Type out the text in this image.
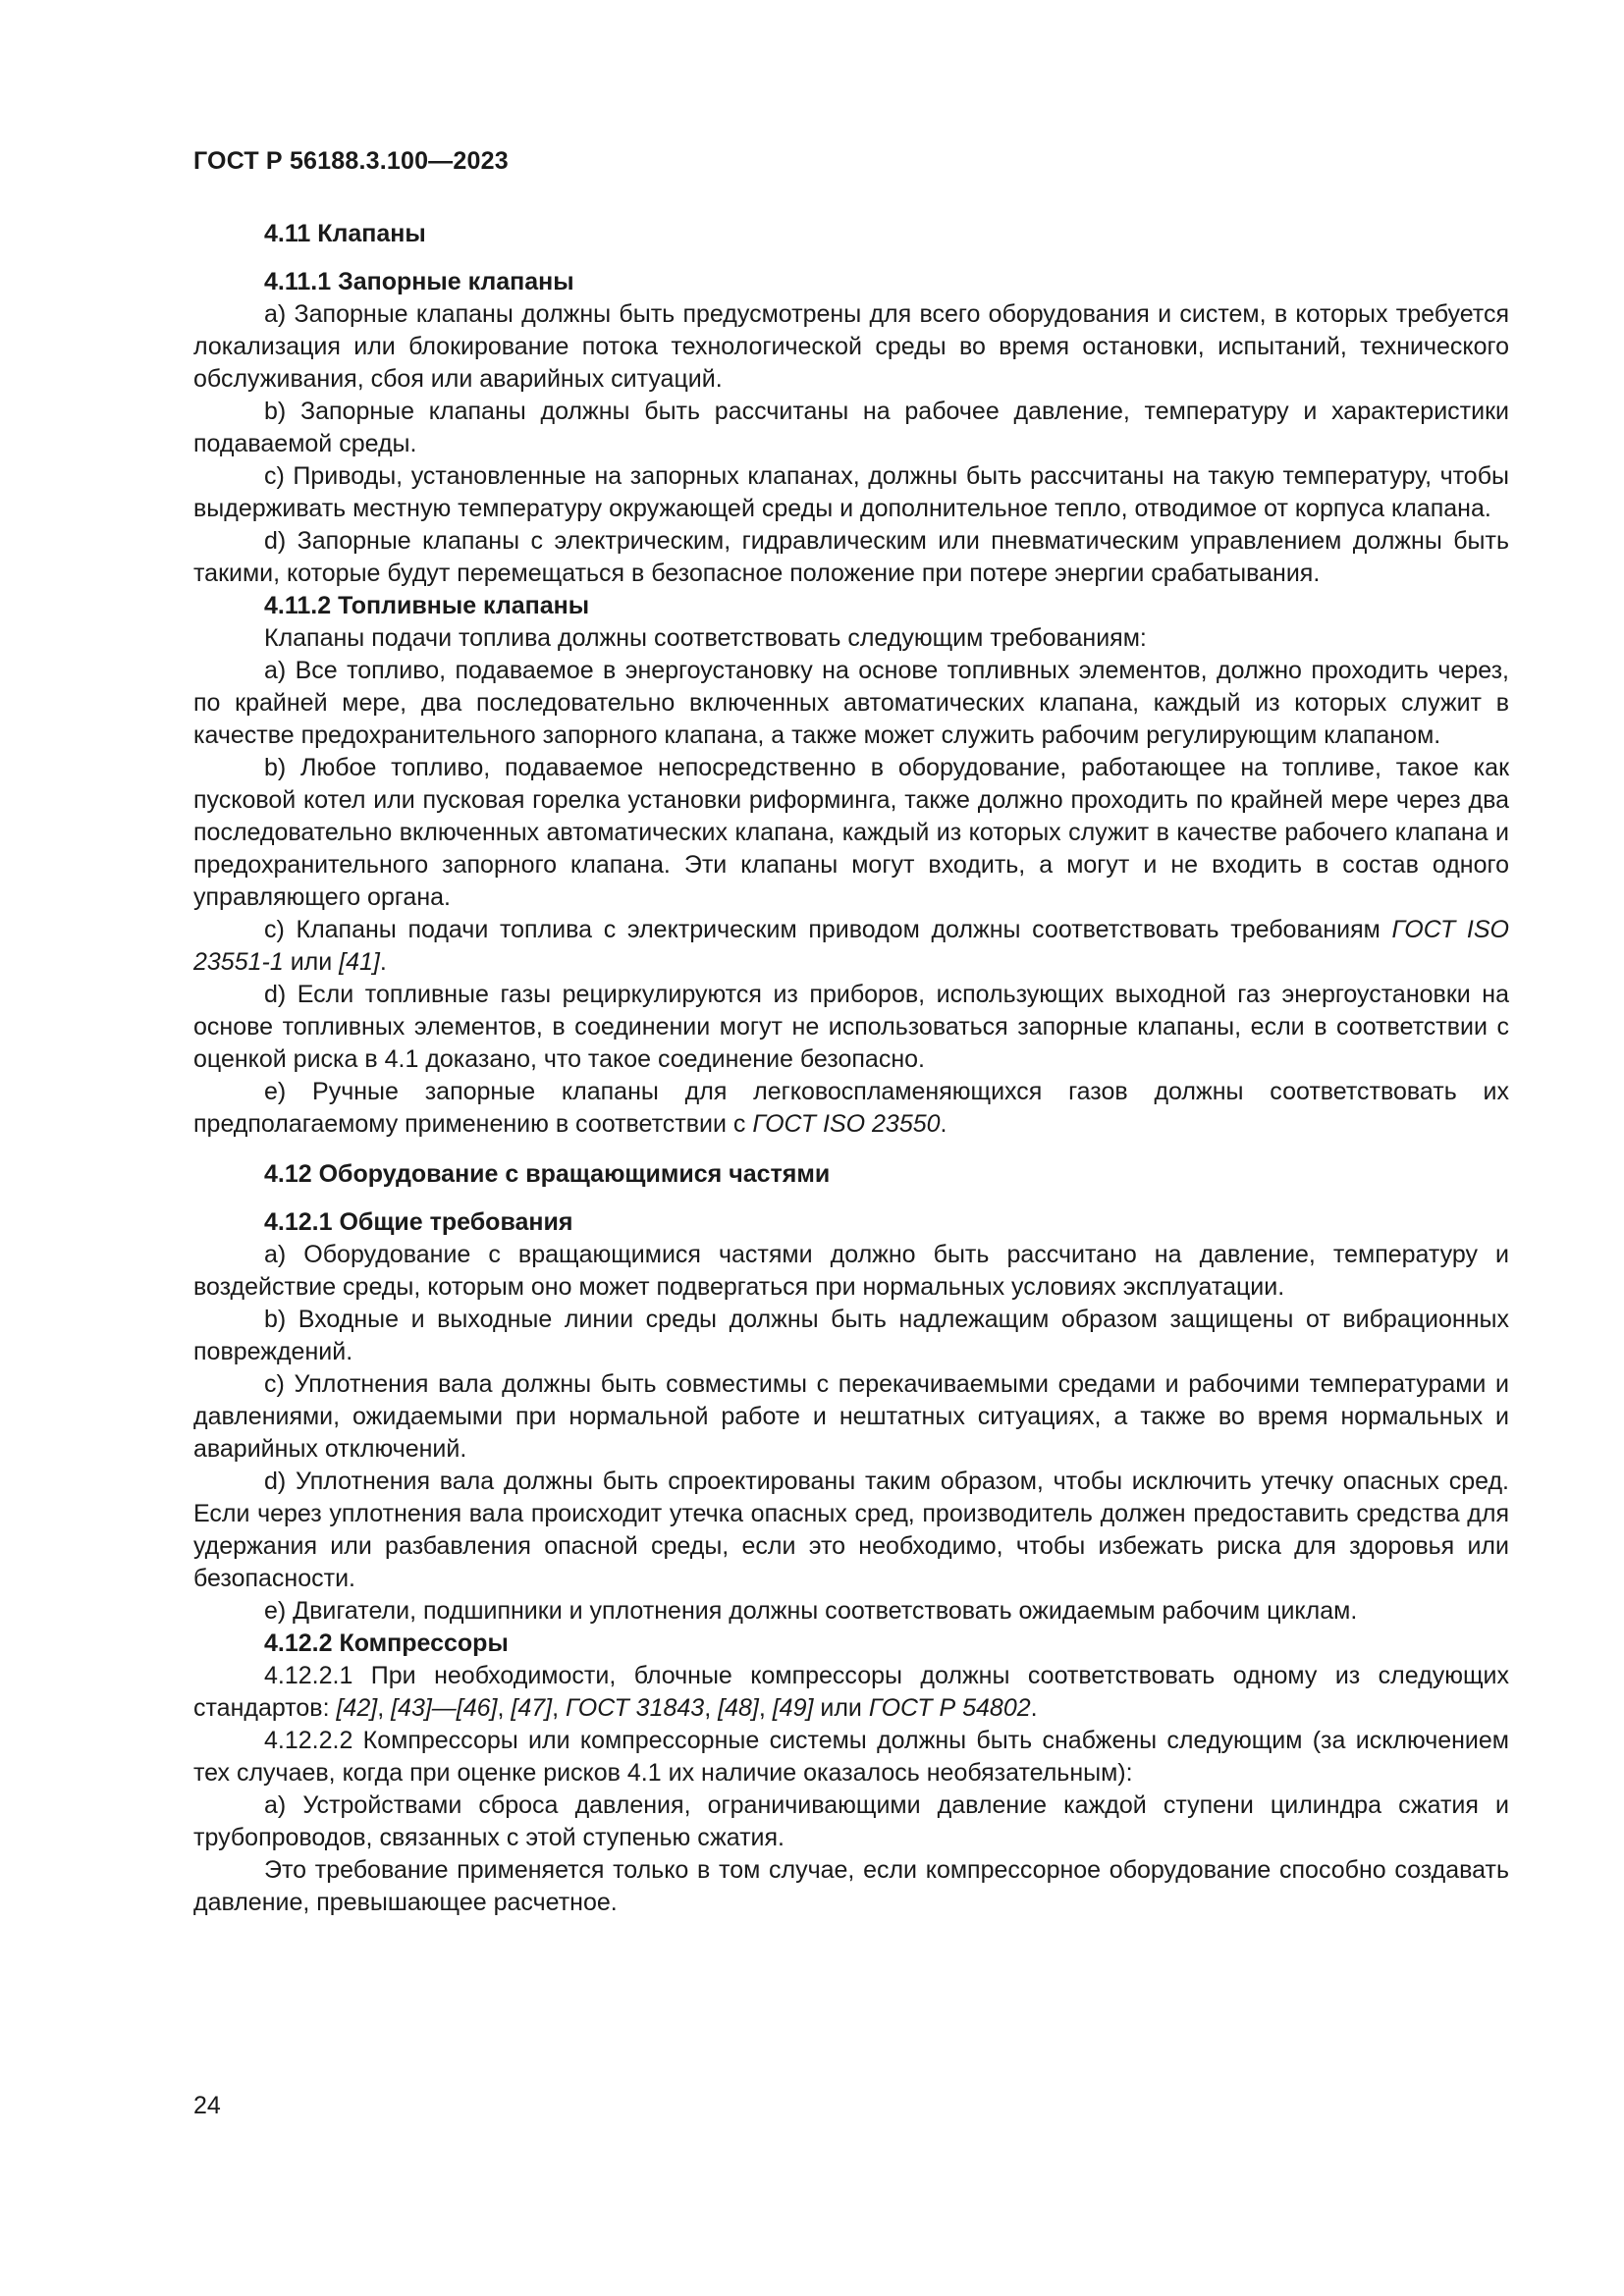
ГОСТ Р 56188.3.100—2023
4.11 Клапаны
4.11.1 Запорные клапаны

а) Запорные клапаны должны быть предусмотрены для всего оборудования и систем, в которых требуется локализация или блокирование потока технологической среды во время остановки, испытаний, технического обслуживания, сбоя или аварийных ситуаций.

b) Запорные клапаны должны быть рассчитаны на рабочее давление, температуру и характеристики подаваемой среды.

с) Приводы, установленные на запорных клапанах, должны быть рассчитаны на такую температуру, чтобы выдерживать местную температуру окружающей среды и дополнительное тепло, отводимое от корпуса клапана.

d) Запорные клапаны с электрическим, гидравлическим или пневматическим управлением должны быть такими, которые будут перемещаться в безопасное положение при потере энергии срабатывания.

4.11.2 Топливные клапаны

Клапаны подачи топлива должны соответствовать следующим требованиям:

а) Все топливо, подаваемое в энергоустановку на основе топливных элементов, должно проходить через, по крайней мере, два последовательно включенных автоматических клапана, каждый из которых служит в качестве предохранительного запорного клапана, а также может служить рабочим регулирующим клапаном.

b) Любое топливо, подаваемое непосредственно в оборудование, работающее на топливе, такое как пусковой котел или пусковая горелка установки риформинга, также должно проходить по крайней мере через два последовательно включенных автоматических клапана, каждый из которых служит в качестве рабочего клапана и предохранительного запорного клапана. Эти клапаны могут входить, а могут и не входить в состав одного управляющего органа.

с) Клапаны подачи топлива с электрическим приводом должны соответствовать требованиям ГОСТ ISO 23551-1 или [41].

d) Если топливные газы рециркулируются из приборов, использующих выходной газ энергоустановки на основе топливных элементов, в соединении могут не использоваться запорные клапаны, если в соответствии с оценкой риска в 4.1 доказано, что такое соединение безопасно.

е) Ручные запорные клапаны для легковоспламеняющихся газов должны соответствовать их предполагаемому применению в соответствии с ГОСТ ISO 23550.

4.12 Оборудование с вращающимися частями
4.12.1 Общие требования

а) Оборудование с вращающимися частями должно быть рассчитано на давление, температуру и воздействие среды, которым оно может подвергаться при нормальных условиях эксплуатации.

b) Входные и выходные линии среды должны быть надлежащим образом защищены от вибрационных повреждений.

с) Уплотнения вала должны быть совместимы с перекачиваемыми средами и рабочими температурами и давлениями, ожидаемыми при нормальной работе и нештатных ситуациях, а также во время нормальных и аварийных отключений.

d) Уплотнения вала должны быть спроектированы таким образом, чтобы исключить утечку опасных сред. Если через уплотнения вала происходит утечка опасных сред, производитель должен предоставить средства для удержания или разбавления опасной среды, если это необходимо, чтобы избежать риска для здоровья или безопасности.

е) Двигатели, подшипники и уплотнения должны соответствовать ожидаемым рабочим циклам.

4.12.2 Компрессоры

4.12.2.1 При необходимости, блочные компрессоры должны соответствовать одному из следующих стандартов: [42], [43]—[46], [47], ГОСТ 31843, [48], [49] или ГОСТ Р 54802.

4.12.2.2 Компрессоры или компрессорные системы должны быть снабжены следующим (за исключением тех случаев, когда при оценке рисков 4.1 их наличие оказалось необязательным):

а) Устройствами сброса давления, ограничивающими давление каждой ступени цилиндра сжатия и трубопроводов, связанных с этой ступенью сжатия.

Это требование применяется только в том случае, если компрессорное оборудование способно создавать давление, превышающее расчетное.

24
